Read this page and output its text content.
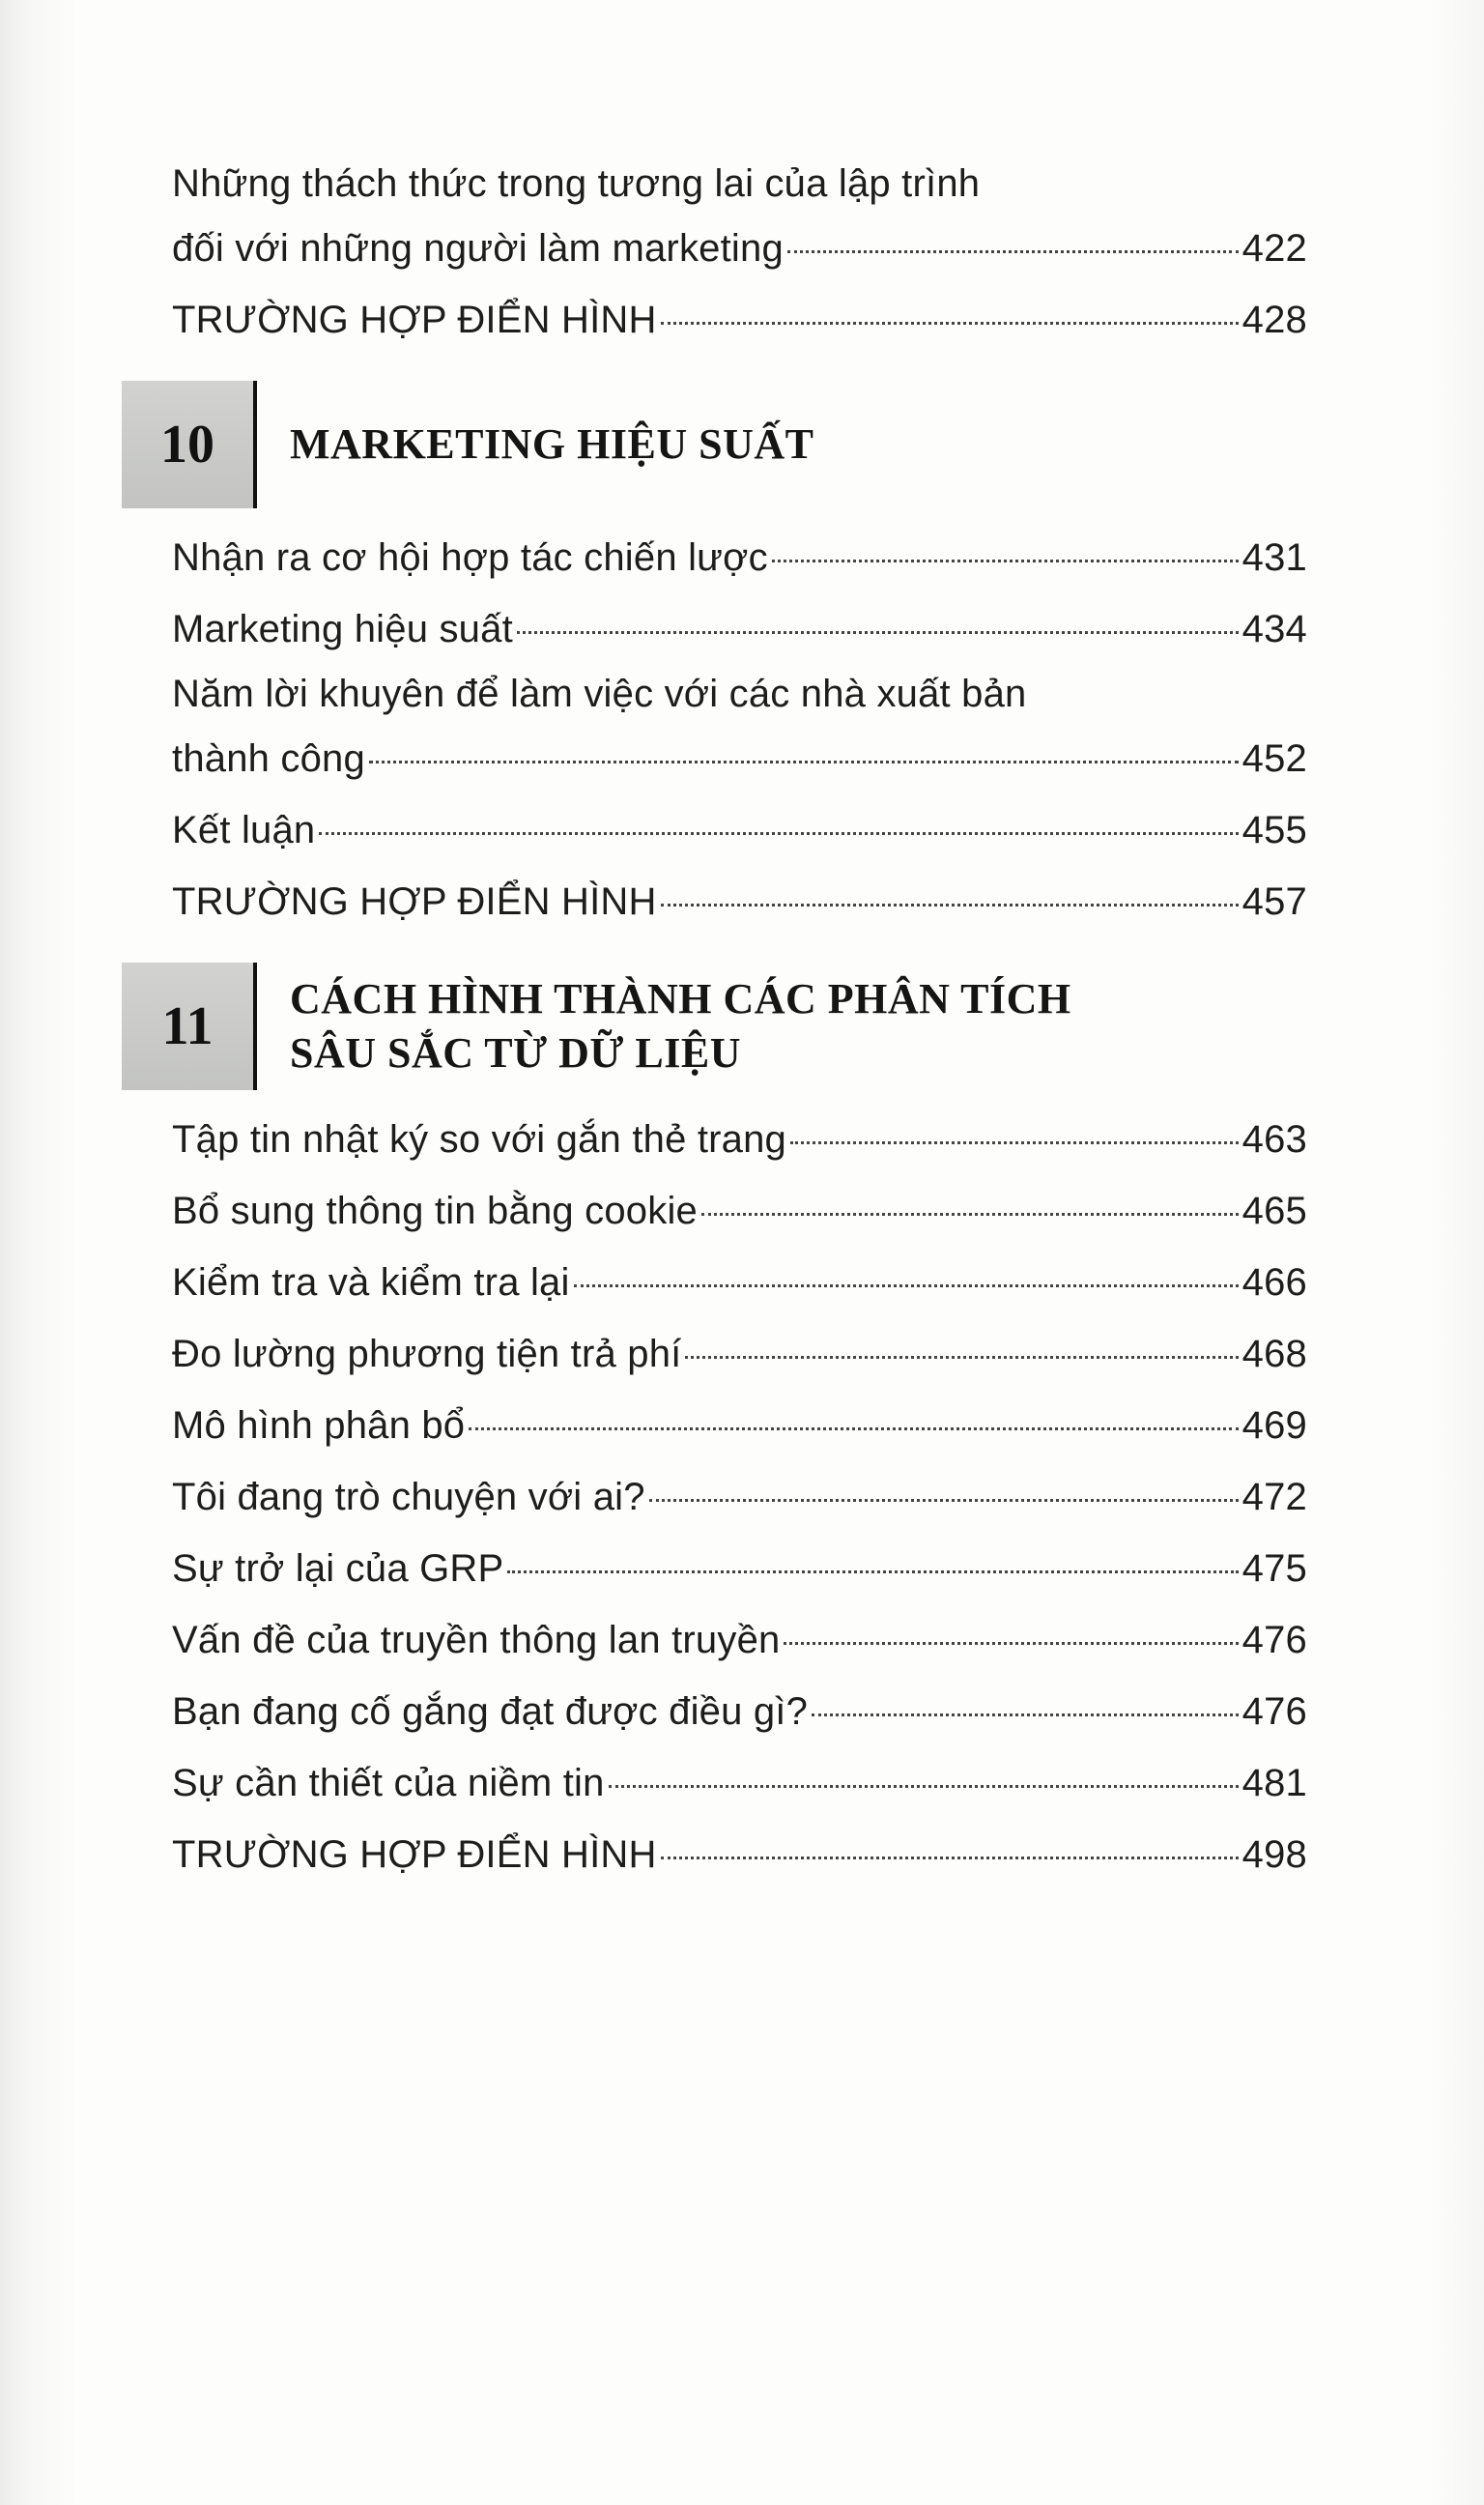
Những thách thức trong tương lai của lập trình
đối với những người làm marketing	422
TRƯỜNG HỢP ĐIỂN HÌNH	428
10	MARKETING HIỆU SUẤT
Nhận ra cơ hội hợp tác chiến lược	431
Marketing hiệu suất	434
Năm lời khuyên để làm việc với các nhà xuất bản
thành công	452
Kết luận	455
TRƯỜNG HỢP ĐIỂN HÌNH	457
11	CÁCH HÌNH THÀNH CÁC PHÂN TÍCH
SÂU SẮC TỪ DỮ LIỆU
Tập tin nhật ký so với gắn thẻ trang	463
Bổ sung thông tin bằng cookie	465
Kiểm tra và kiểm tra lại	466
Đo lường phương tiện trả phí	468
Mô hình phân bổ	469
Tôi đang trò chuyện với ai?	472
Sự trở lại của GRP	475
Vấn đề của truyền thông lan truyền	476
Bạn đang cố gắng đạt được điều gì?	476
Sự cần thiết của niềm tin	481
TRƯỜNG HỢP ĐIỂN HÌNH	498
